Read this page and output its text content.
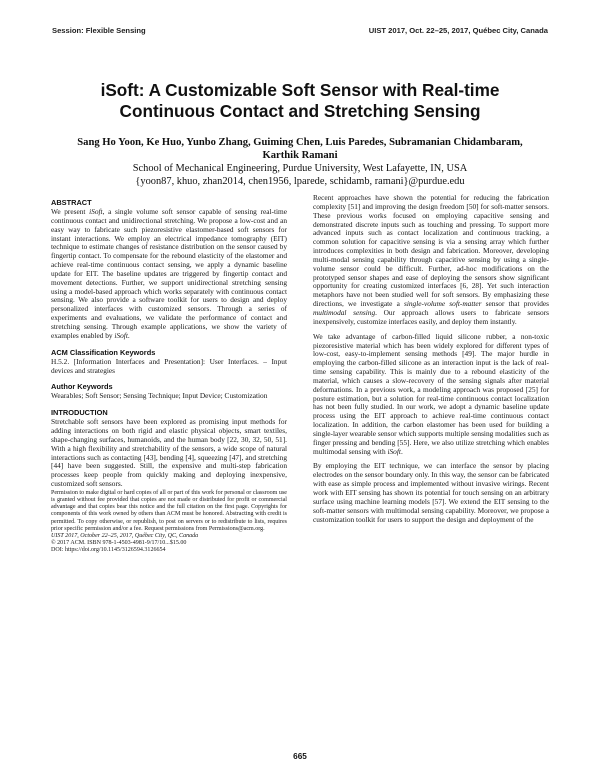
Session: Flexible Sensing	UIST 2017, Oct. 22–25, 2017, Québec City, Canada
iSoft: A Customizable Soft Sensor with Real-time
Continuous Contact and Stretching Sensing
Sang Ho Yoon, Ke Huo, Yunbo Zhang, Guiming Chen, Luis Paredes, Subramanian Chidambaram,
Karthik Ramani
School of Mechanical Engineering, Purdue University, West Lafayette, IN, USA
{yoon87, khuo, zhan2014, chen1956, lparede, schidamb, ramani}@purdue.edu
ABSTRACT

We present iSoft, a single volume soft sensor capable of sensing real-time continuous contact and unidirectional stretching. We propose a low-cost and an easy way to fabricate such piezoresistive elastomer-based soft sensors for instant interactions. We employ an electrical impedance tomography (EIT) technique to estimate changes of resistance distribution on the sensor caused by fingertip contact. To compensate for the rebound elasticity of the elastomer and achieve real-time continuous contact sensing, we apply a dynamic baseline update for EIT. The baseline updates are triggered by fingertip contact and movement detections. Further, we support unidirectional stretching sensing using a model-based approach which works separately with continuous contact sensing. We also provide a software toolkit for users to design and deploy personalized interfaces with customized sensors. Through a series of experiments and evaluations, we validate the performance of contact and stretching sensing. Through example applications, we show the variety of examples enabled by iSoft.

ACM Classification Keywords

H.5.2. [Information Interfaces and Presentation]: User Interfaces. – Input devices and strategies

Author Keywords

Wearables; Soft Sensor; Sensing Technique; Input Device; Customization

INTRODUCTION

Stretchable soft sensors have been explored as promising input methods for adding interactions on both rigid and elastic physical objects, smart textiles, shape-changing surfaces, humanoids, and the human body [22, 30, 32, 50, 51]. With a high flexibility and stretchability of the sensors, a wide scope of natural interactions such as contacting [43], bending [4], squeezing [47], and stretching [44] have been suggested. Still, the expensive and multi-step fabrication processes keep people from quickly making and deploying inexpensive, customized soft sensors.

Permission to make digital or hard copies of all or part of this work for personal or classroom use is granted without fee provided that copies are not made or distributed for profit or commercial advantage and that copies bear this notice and the full citation on the first page. Copyrights for components of this work owned by others than ACM must be honored. Abstracting with credit is permitted. To copy otherwise, or republish, to post on servers or to redistribute to lists, requires prior specific permission and/or a fee. Request permissions from Permissions@acm.org.

UIST 2017, October 22–25, 2017, Québec City, QC, Canada
© 2017 ACM. ISBN 978-1-4503-4981-9/17/10...$15.00
DOI: https://doi.org/10.1145/3126594.3126654

Recent approaches have shown the potential for reducing the fabrication complexity [51] and improving the design freedom [50] for soft-matter sensors. These previous works focused on employing capacitive sensing and demonstrated discrete inputs such as touching and pressing. To support more advanced inputs such as contact localization and continuous tracking, a common solution for capacitive sensing is via a sensing array which further introduces complexities in both design and fabrication. Moreover, developing multi-modal sensing capability through capacitive sensing by using a single-volume sensor could be difficult. Further, ad-hoc modifications on the prototyped sensor shapes and ease of deploying the sensors show significant opportunity for creating customized interfaces [6, 28]. Yet such interaction metaphors have not been studied well for soft sensors. By emphasizing these directions, we investigate a single-volume soft-matter sensor that provides multimodal sensing. Our approach allows users to fabricate sensors inexpensively, customize interfaces easily, and deploy them instantly.

We take advantage of carbon-filled liquid silicone rubber, a non-toxic piezoresistive material which has been widely explored for different types of low-cost, easy-to-implement sensing methods [49]. The major hurdle in employing the carbon-filled silicone as an interaction input is the lack of real-time sensing capability. This is mainly due to a rebound elasticity of the material, which causes a slow-recovery of the sensing signals after material deformations. In a previous work, a modeling approach was proposed [25] for posture estimation, but a solution for real-time continuous contact localization has not been fully studied. In our work, we adopt a dynamic baseline update process using the EIT approach to achieve real-time continuous contact localization. In addition, the carbon elastomer has been used for building a single-layer wearable sensor which supports multiple sensing modalities such as finger pressing and bending [55]. Here, we also utilize stretching which enables multimodal sensing with iSoft.

By employing the EIT technique, we can interface the sensor by placing electrodes on the sensor boundary only. In this way, the sensor can be fabricated with ease as simple process and implemented without invasive wirings. Recent work with EIT sensing has shown its potential for touch sensing on an arbitrary surface using machine learning models [57]. We extend the EIT sensing to the soft-matter sensors with multimodal sensing capability. Moreover, we propose a customization toolkit for users to support the design and deployment of the

665
